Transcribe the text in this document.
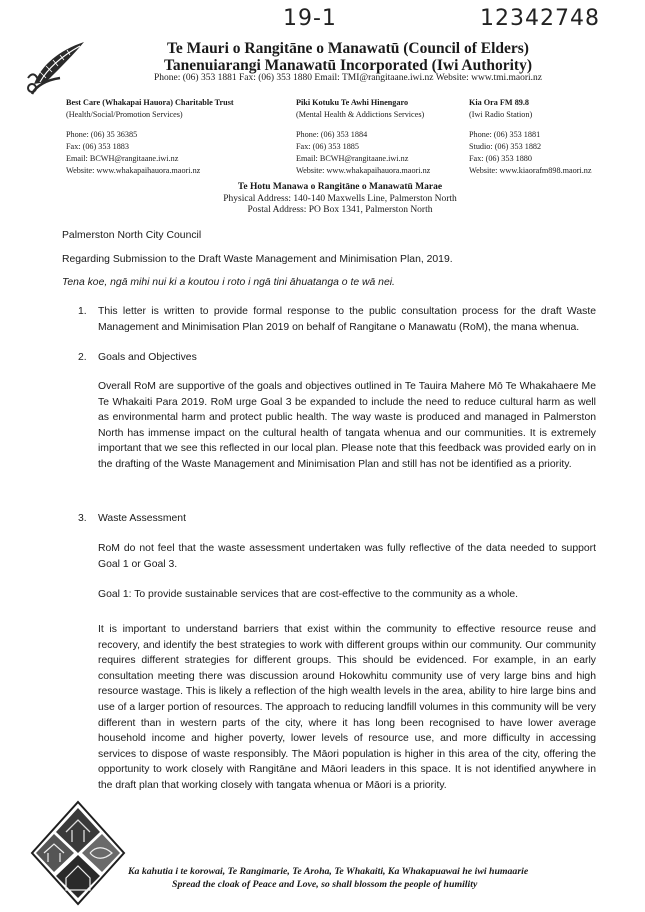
19-1	12342748
Te Mauri o Rangitāne o Manawatū (Council of Elders)
Tanenuiarangi Manawatū Incorporated (Iwi Authority)
Phone: (06) 353 1881 Fax: (06) 353 1880 Email: TMI@rangitaane.iwi.nz Website: www.tmi.maori.nz
Best Care (Whakapai Hauora) Charitable Trust
(Health/Social/Promotion Services)
Phone: (06) 35 36385
Fax: (06) 353 1883
Email: BCWH@rangitaane.iwi.nz
Website: www.whakapaihauora.maori.nz
Piki Kotuku Te Awhi Hinengaro
(Mental Health & Addictions Services)
Phone: (06) 353 1884
Fax: (06) 353 1885
Email: BCWH@rangitaane.iwi.nz
Website: www.whakapaihauora.maori.nz
Kia Ora FM 89.8
(Iwi Radio Station)
Phone: (06) 353 1881
Studio: (06) 353 1882
Fax: (06) 353 1880
Website: www.kiaorafm898.maori.nz
Te Hotu Manawa o Rangitāne o Manawatū Marae
Physical Address: 140-140 Maxwells Line, Palmerston North
Postal Address: PO Box 1341, Palmerston North
Palmerston North City Council
Regarding Submission to the Draft Waste Management and Minimisation Plan, 2019.
Tena koe, ngā mihi nui ki a koutou i roto i ngā tini āhuatanga o te wā nei.
1. This letter is written to provide formal response to the public consultation process for the draft Waste Management and Minimisation Plan 2019 on behalf of Rangitane o Manawatu (RoM), the mana whenua.
2. Goals and Objectives
Overall RoM are supportive of the goals and objectives outlined in Te Tauira Mahere Mō Te Whakahaere Me Te Whakaiti Para 2019. RoM urge Goal 3 be expanded to include the need to reduce cultural harm as well as environmental harm and protect public health. The way waste is produced and managed in Palmerston North has immense impact on the cultural health of tangata whenua and our communities. It is extremely important that we see this reflected in our local plan. Please note that this feedback was provided early on in the drafting of the Waste Management and Minimisation Plan and still has not be identified as a priority.
3. Waste Assessment
RoM do not feel that the waste assessment undertaken was fully reflective of the data needed to support Goal 1 or Goal 3.
Goal 1: To provide sustainable services that are cost-effective to the community as a whole.
It is important to understand barriers that exist within the community to effective resource reuse and recovery, and identify the best strategies to work with different groups within our community. Our community requires different strategies for different groups. This should be evidenced. For example, in an early consultation meeting there was discussion around Hokowhitu community use of very large bins and high resource wastage. This is likely a reflection of the high wealth levels in the area, ability to hire large bins and use of a larger portion of resources. The approach to reducing landfill volumes in this community will be very different than in western parts of the city, where it has long been recognised to have lower average household income and higher poverty, lower levels of resource use, and more difficulty in accessing services to dispose of waste responsibly. The Māori population is higher in this area of the city, offering the opportunity to work closely with Rangitāne and Māori leaders in this space. It is not identified anywhere in the draft plan that working closely with tangata whenua or Māori is a priority.
Ka kahutia i te korowai, Te Rangimarie, Te Aroha, Te Whakaiti, Ka Whakapuawai he iwi humaarie
Spread the cloak of Peace and Love, so shall blossom the people of humility
